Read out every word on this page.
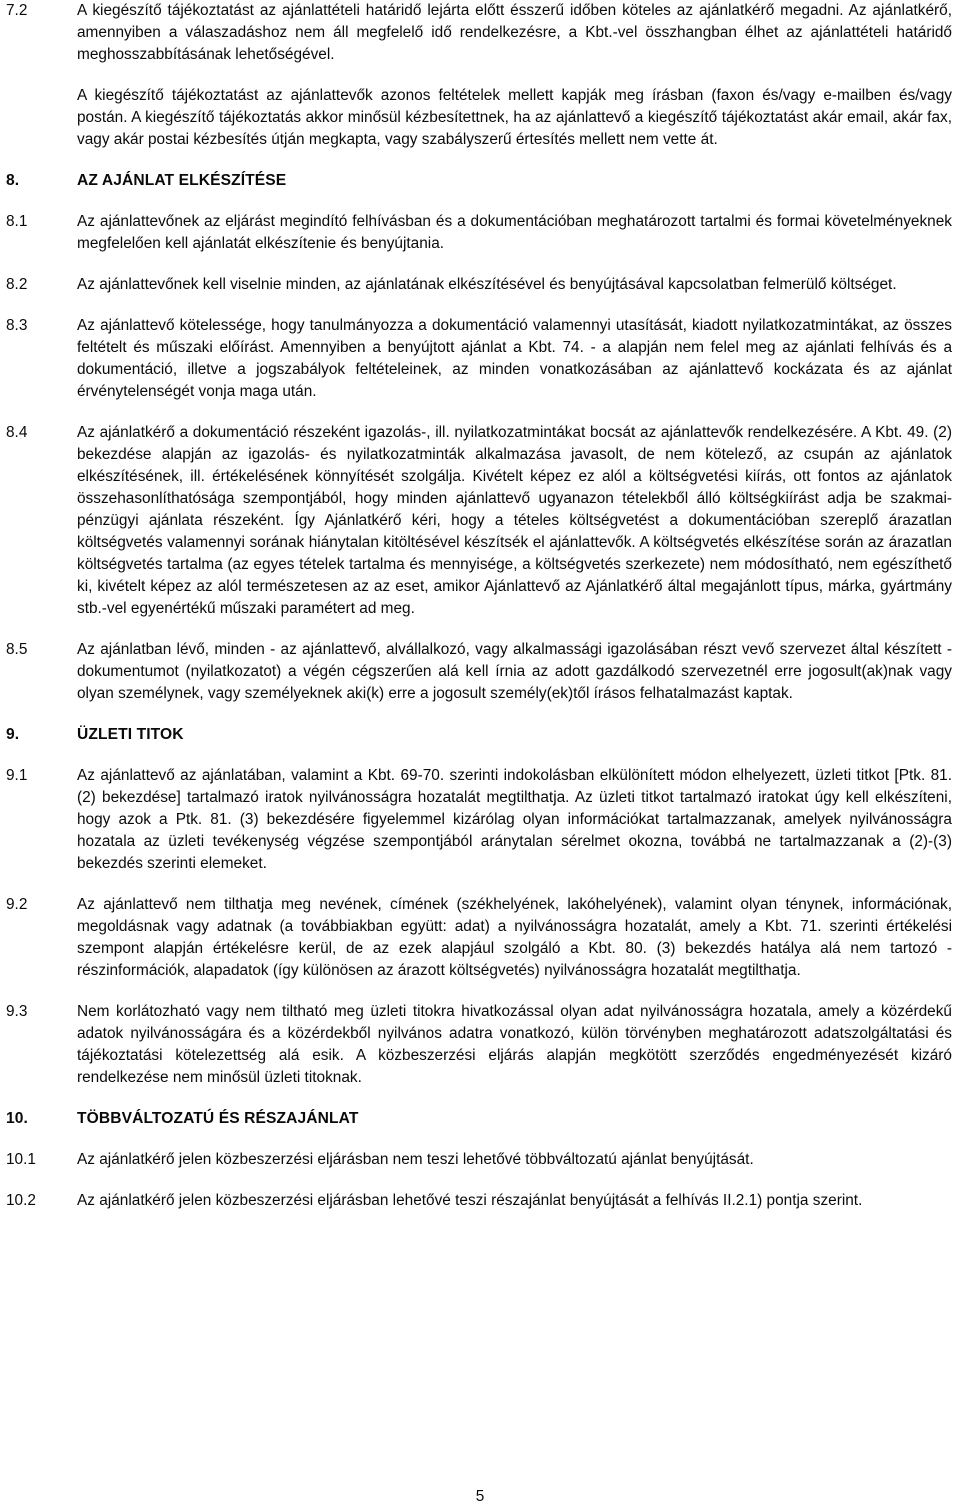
7.2	A kiegészítő tájékoztatást az ajánlattételi határidő lejárta előtt ésszerű időben köteles az ajánlatkérő megadni. Az ajánlatkérő, amennyiben a válaszadáshoz nem áll megfelelő idő rendelkezésre, a Kbt.-vel összhangban élhet az ajánlattételi határidő meghosszabbításának lehetőségével.

A kiegészítő tájékoztatást az ajánlattevők azonos feltételek mellett kapják meg írásban (faxon és/vagy e-mailben és/vagy postán. A kiegészítő tájékoztatás akkor minősül kézbesítettnek, ha az ajánlattevő a kiegészítő tájékoztatást akár email, akár fax, vagy akár postai kézbesítés útján megkapta, vagy szabályszerű értesítés mellett nem vette át.

8.	AZ AJÁNLAT ELKÉSZÍTÉSE
8.1	Az ajánlattevőnek az eljárást megindító felhívásban és a dokumentációban meghatározott tartalmi és formai követelményeknek megfelelően kell ajánlatát elkészítenie és benyújtania.

8.2	Az ajánlattevőnek kell viselnie minden, az ajánlatának elkészítésével és benyújtásával kapcsolatban felmerülő költséget.

8.3	Az ajánlattevő kötelessége, hogy tanulmányozza a dokumentáció valamennyi utasítását, kiadott nyilatkozatmintákat, az összes feltételt és műszaki előírást. Amennyiben a benyújtott ajánlat a Kbt. 74. - a alapján nem felel meg az ajánlati felhívás és a dokumentáció, illetve a jogszabályok feltételeinek, az minden vonatkozásában az ajánlattevő kockázata és az ajánlat érvénytelenségét vonja maga után.

8.4	Az ajánlatkérő a dokumentáció részeként igazolás-, ill. nyilatkozatmintákat bocsát az ajánlattevők rendelkezésére. A Kbt. 49. (2) bekezdése alapján az igazolás- és nyilatkozatminták alkalmazása javasolt, de nem kötelező, az csupán az ajánlatok elkészítésének, ill. értékelésének könnyítését szolgálja. Kivételt képez ez alól a költségvetési kiírás, ott fontos az ajánlatok összehasonlíthatósága szempontjából, hogy minden ajánlattevő ugyanazon tételekből álló költségkiírást adja be szakmai-pénzügyi ajánlata részeként. Így Ajánlatkérő kéri, hogy a tételes költségvetést a dokumentációban szereplő árazatlan költségvetés valamennyi sorának hiánytalan kitöltésével készítsék el ajánlattevők. A költségvetés elkészítése során az árazatlan költségvetés tartalma (az egyes tételek tartalma és mennyisége, a költségvetés szerkezete) nem módosítható, nem egészíthető ki, kivételt képez az alól természetesen az az eset, amikor Ajánlattevő az Ajánlatkérő által megajánlott típus, márka, gyártmány stb.-vel egyenértékű műszaki paramétert ad meg.

8.5	Az ajánlatban lévő, minden - az ajánlattevő, alvállalkozó, vagy alkalmassági igazolásában részt vevő szervezet által készített - dokumentumot (nyilatkozatot) a végén cégszerűen alá kell írnia az adott gazdálkodó szervezetnél erre jogosult(ak)nak vagy olyan személynek, vagy személyeknek aki(k) erre a jogosult személy(ek)től írásos felhatalmazást kaptak.

9.	ÜZLETI TITOK
9.1	Az ajánlattevő az ajánlatában, valamint a Kbt. 69-70. szerinti indokolásban elkülönített módon elhelyezett, üzleti titkot [Ptk. 81. (2) bekezdése] tartalmazó iratok nyilvánosságra hozatalát megtilthatja. Az üzleti titkot tartalmazó iratokat úgy kell elkészíteni, hogy azok a Ptk. 81. (3) bekezdésére figyelemmel kizárólag olyan információkat tartalmazzanak, amelyek nyilvánosságra hozatala az üzleti tevékenység végzése szempontjából aránytalan sérelmet okozna, továbbá ne tartalmazzanak a (2)-(3) bekezdés szerinti elemeket.

9.2	Az ajánlattevő nem tilthatja meg nevének, címének (székhelyének, lakóhelyének), valamint olyan ténynek, információnak, megoldásnak vagy adatnak (a továbbiakban együtt: adat) a nyilvánosságra hozatalát, amely a Kbt. 71. szerinti értékelési szempont alapján értékelésre kerül, de az ezek alapjául szolgáló a Kbt. 80. (3) bekezdés hatálya alá nem tartozó - részinformációk, alapadatok (így különösen az árazott költségvetés) nyilvánosságra hozatalát megtilthatja.

9.3	Nem korlátozható vagy nem tiltható meg üzleti titokra hivatkozással olyan adat nyilvánosságra hozatala, amely a közérdekű adatok nyilvánosságára és a közérdekből nyilvános adatra vonatkozó, külön törvényben meghatározott adatszolgáltatási és tájékoztatási kötelezettség alá esik. A közbeszerzési eljárás alapján megkötött szerződés engedményezését kizáró rendelkezése nem minősül üzleti titoknak.

10.	TÖBBVÁLTOZATÚ ÉS RÉSZAJÁNLAT
10.1	Az ajánlatkérő jelen közbeszerzési eljárásban nem teszi lehetővé többváltozatú ajánlat benyújtását.

10.2	Az ajánlatkérő jelen közbeszerzési eljárásban lehetővé teszi részajánlat benyújtását a felhívás II.2.1) pontja szerint.

5
